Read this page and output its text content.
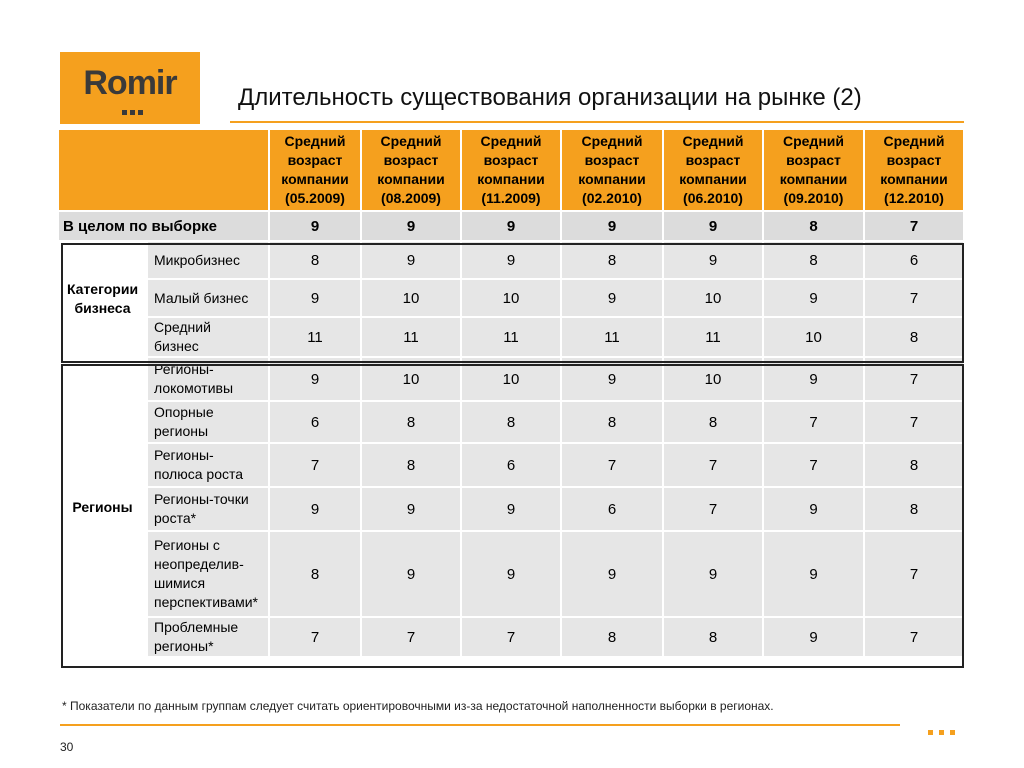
Romir	Длительность существования организации на рынке (2)
		Средний
возраст
компании
(05.2009)	Средний
возраст
компании
(08.2009)	Средний
возраст
компании
(11.2009)	Средний
возраст
компании
(02.2010)	Средний
возраст
компании
(06.2010)	Средний
возраст
компании
(09.2010)	Средний
возраст
компании
(12.2010)
В целом по выборке		9	9	9	9	9	8	7
Категории
бизнеса	Микробизнес	8	9	9	8	9	8	6
	Малый бизнес	9	10	10	9	10	9	7
	Средний
бизнес	11	11	11	11	11	10	8
Регионы	Регионы-
локомотивы	9	10	10	9	10	9	7
	Опорные
регионы	6	8	8	8	8	7	7
	Регионы-
полюса роста	7	8	6	7	7	7	8
	Регионы-точки
роста*	9	9	9	6	7	9	8
	Регионы с
неопределив-
шимися
перспективами*	8	9	9	9	9	9	7
	Проблемные
регионы*	7	7	7	8	8	9	7
* Показатели по данным группам следует считать ориентировочными из-за недостаточной наполненности выборки в регионах.
30
